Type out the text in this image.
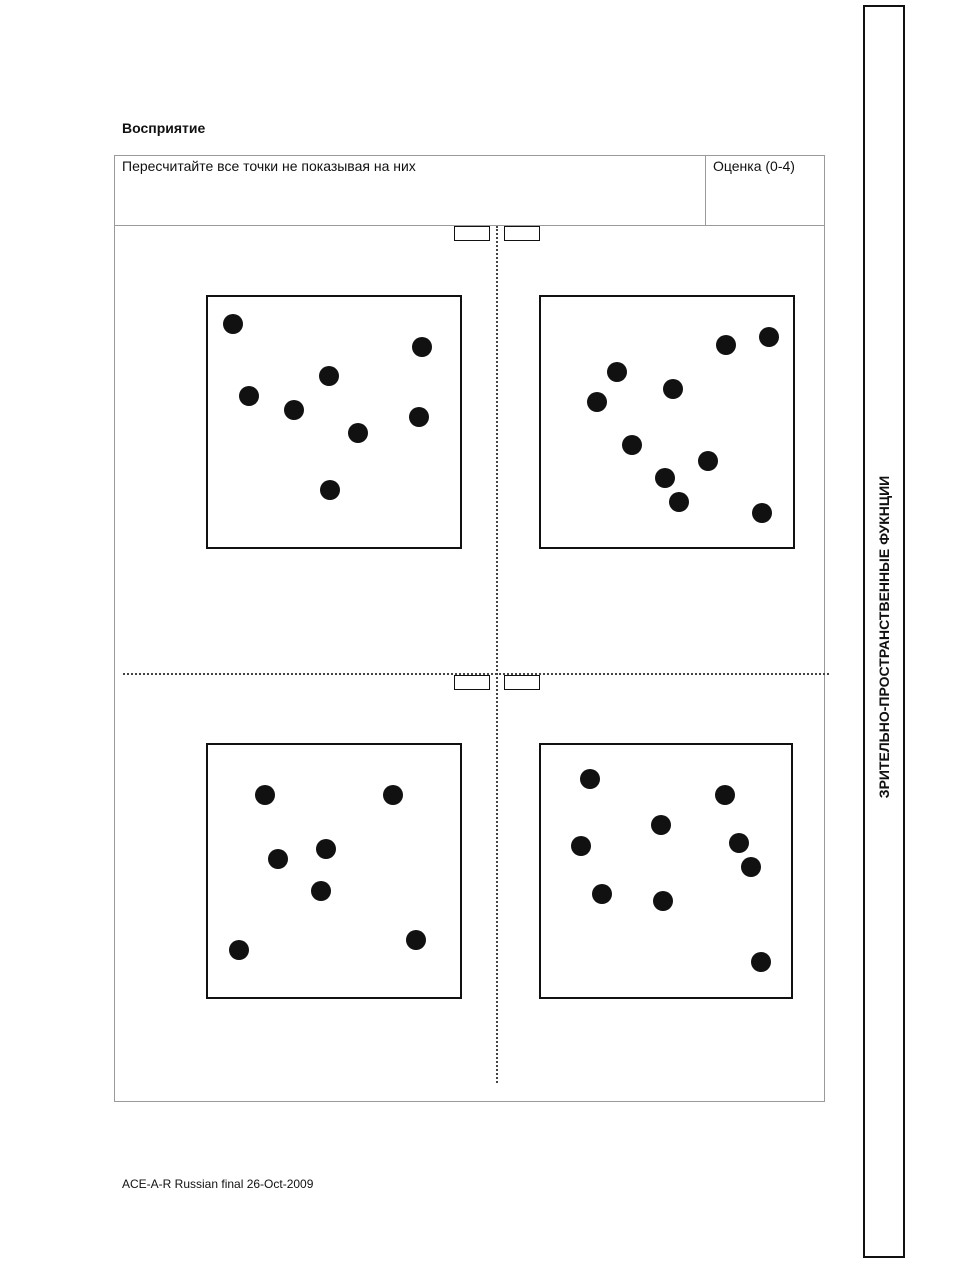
Восприятие

Пересчитайте все точки не показывая на них	Оценка (0-4)

ACE-A-R Russian final 26-Oct-2009

ЗРИТЕЛЬНО-ПРОСТРАНСТВЕННЫЕ ФУКНЦИИ
